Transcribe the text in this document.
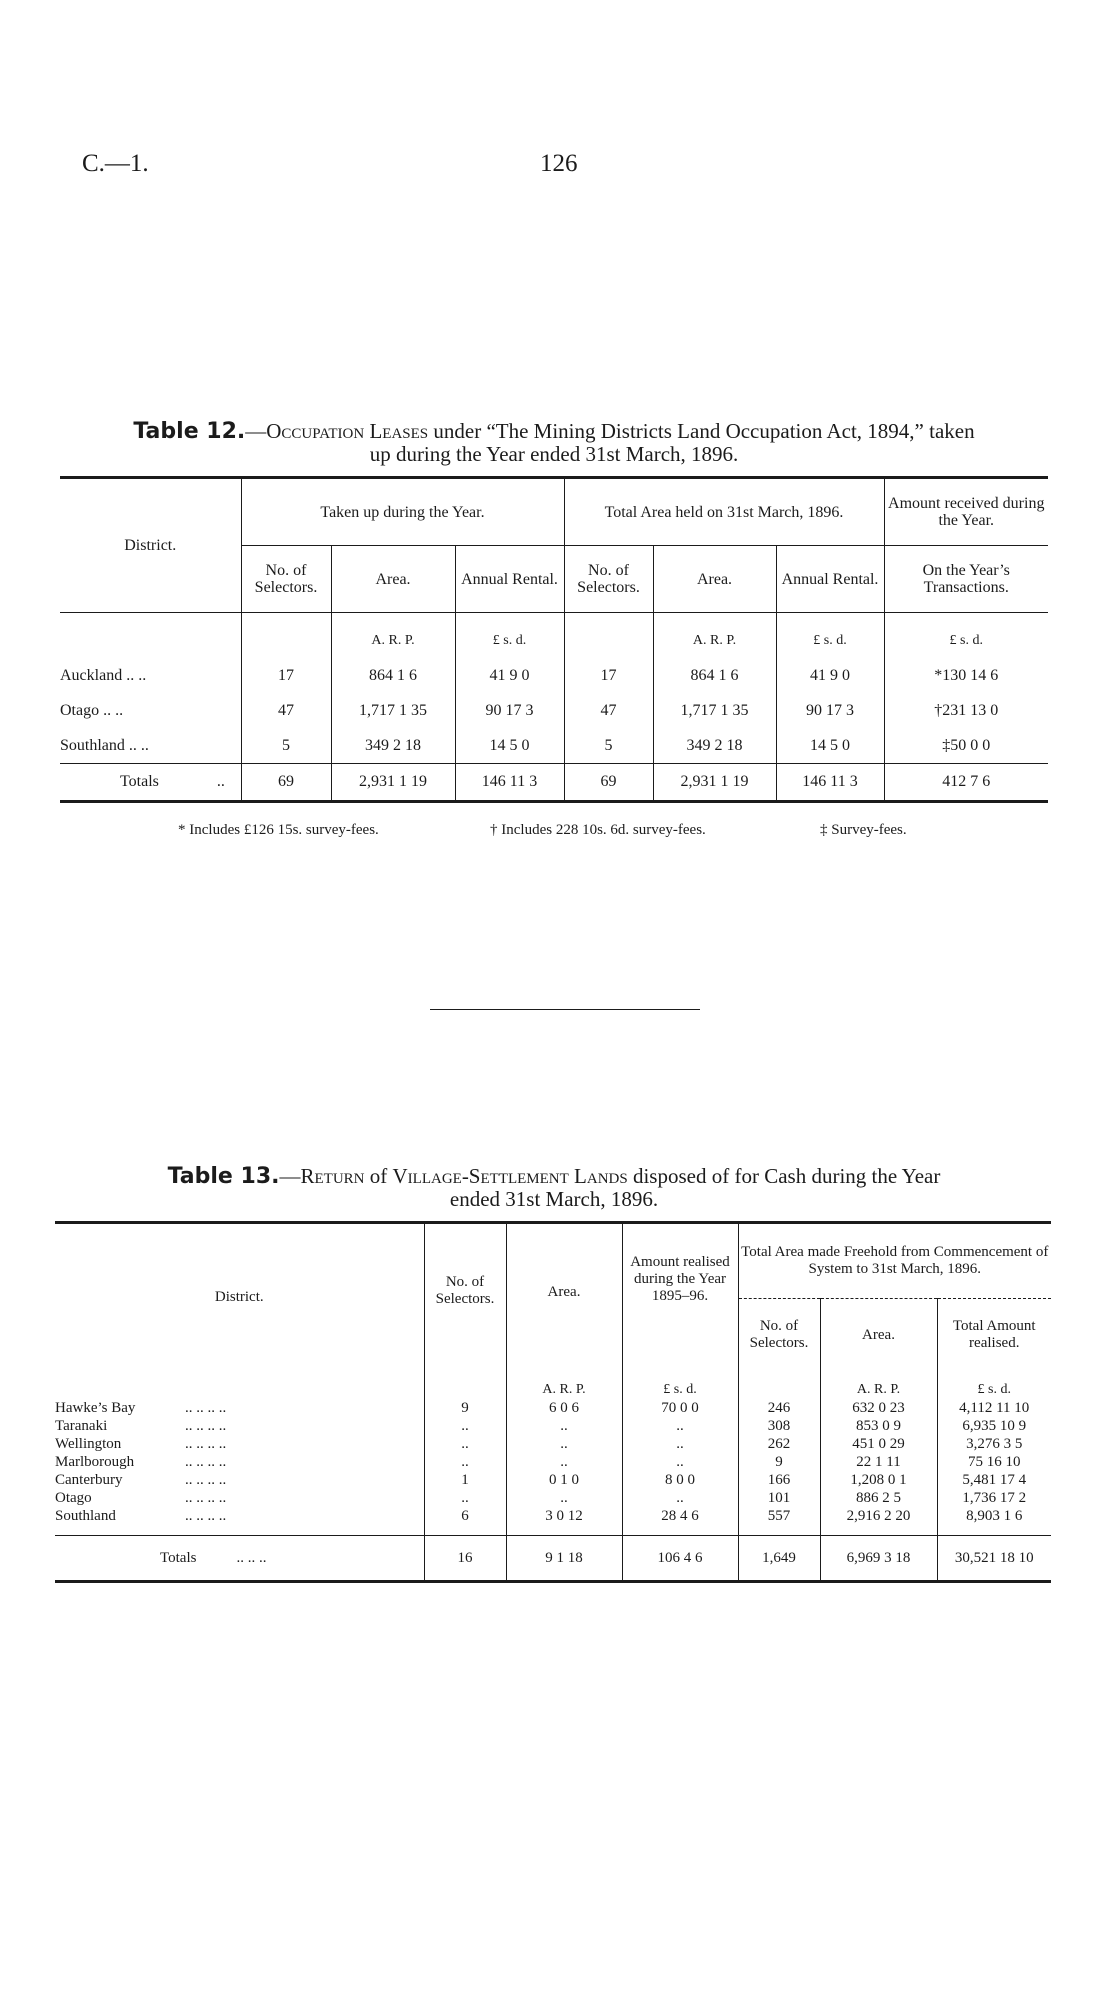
C.—1.	126
Table 12.—Occupation Leases under “The Mining Districts Land Occupation Act, 1894,” taken
up during the Year ended 31st March, 1896.
District.	Taken up during the Year.			Total Area held on 31st March, 1896.			Amount received during the Year.
	No. of Selectors.	Area.	Annual Rental.	No. of Selectors.	Area.	Annual Rental.	On the Year’s Transactions.
		A. R. P.	£ s. d.		A. R. P.	£ s. d.	£ s. d.
Auckland .. ..	17	864 1 6	41 9 0	17	864 1 6	41 9 0	*130 14 6
Otago .. ..	47	1,717 1 35	90 17 3	47	1,717 1 35	90 17 3	†231 13 0
Southland .. ..	5	349 2 18	14 5 0	5	349 2 18	14 5 0	‡50 0 0
Totals ..	69	2,931 1 19	146 11 3	69	2,931 1 19	146 11 3	412 7 6
* Includes £126 15s. survey-fees.	† Includes 228 10s. 6d. survey-fees.	‡ Survey-fees.
Table 13.—Return of Village-Settlement Lands disposed of for Cash during the Year
ended 31st March, 1896.
District.	No. of Selectors.	Area.	Amount realised during the Year 1895–96.	Total Area made Freehold from Commencement of System to 31st March, 1896.		
				No. of Selectors.	Area.	Total Amount realised.
		A. R. P.	£ s. d.		A. R. P.	£ s. d.
Hawke’s Bay .. .. .. ..	9	6 0 6	70 0 0	246	632 0 23	4,112 11 10
Taranaki .. .. .. ..	..	..	..	308	853 0 9	6,935 10 9
Wellington .. .. .. ..	..	..	..	262	451 0 29	3,276 3 5
Marlborough .. .. .. ..	..	..	..	9	22 1 11	75 16 10
Canterbury .. .. .. ..	1	0 1 0	8 0 0	166	1,208 0 1	5,481 17 4
Otago .. .. .. ..	..	..	..	101	886 2 5	1,736 17 2
Southland .. .. .. ..	6	3 0 12	28 4 6	557	2,916 2 20	8,903 1 6

Totals .. .. ..	16	9 1 18	106 4 6	1,649	6,969 3 18	30,521 18 10
